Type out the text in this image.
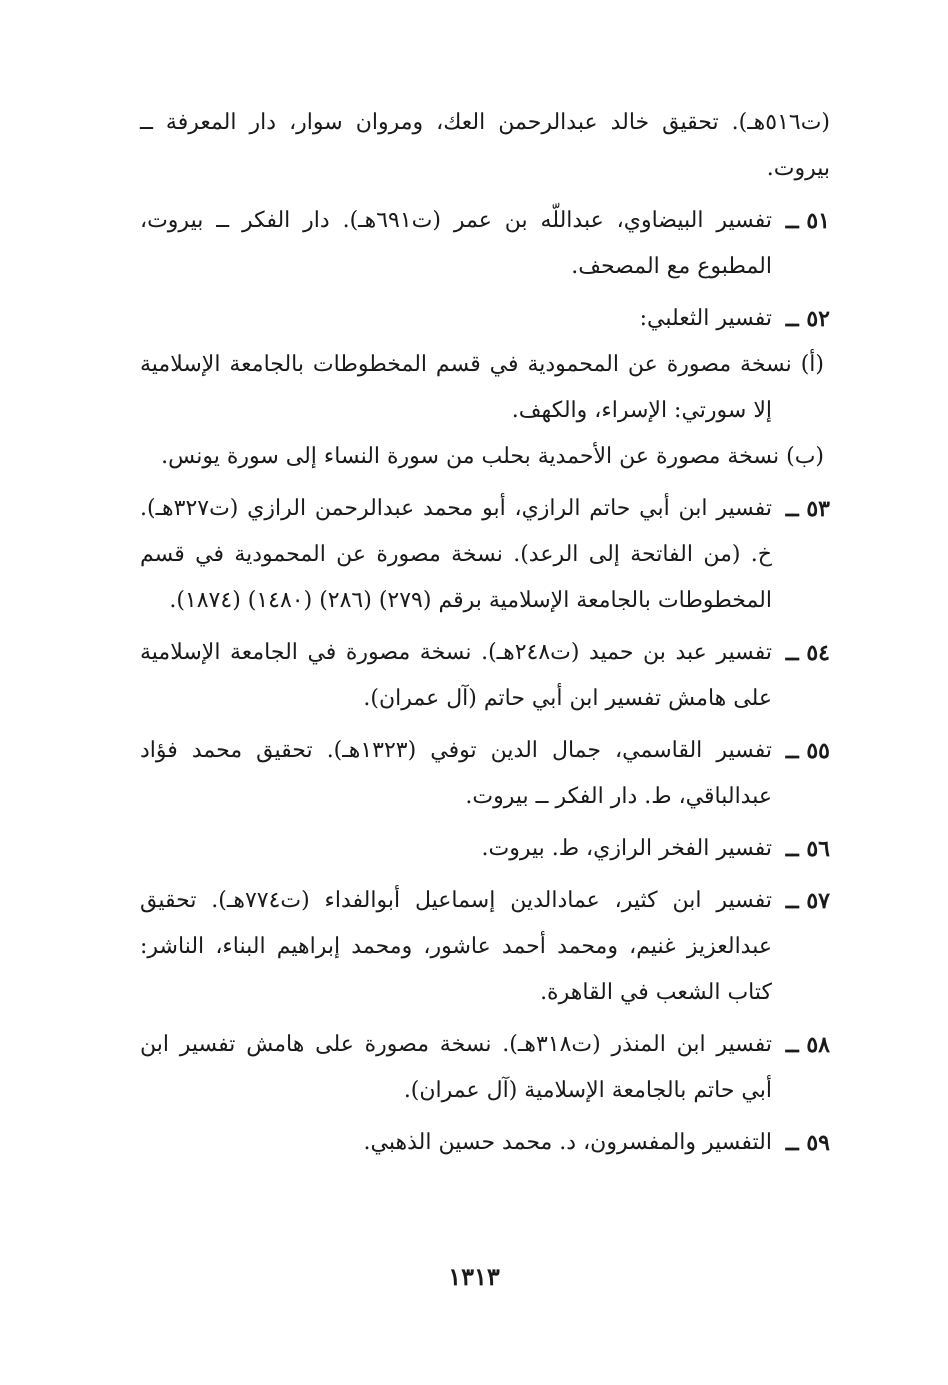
(ت٥١٦هـ). تحقيق خالد عبدالرحمن العك، ومروان سوار، دار المعرفة ــ بيروت.
٥١ ــ
تفسير البيضاوي، عبداللّه بن عمر (ت٦٩١هـ). دار الفكر ــ بيروت، المطبوع مع المصحف.
٥٢ ــ
تفسير الثعلبي:
(أ) نسخة مصورة عن المحمودية في قسم المخطوطات بالجامعة الإسلامية إلا سورتي: الإسراء، والكهف.
(ب) نسخة مصورة عن الأحمدية بحلب من سورة النساء إلى سورة يونس.
٥٣ ــ
تفسير ابن أبي حاتم الرازي، أبو محمد عبدالرحمن الرازي (ت٣٢٧هـ). خ. (من الفاتحة إلى الرعد). نسخة مصورة عن المحمودية في قسم المخطوطات بالجامعة الإسلامية برقم (٢٧٩) (٢٨٦) (١٤٨٠) (١٨٧٤).
٥٤ ــ
تفسير عبد بن حميد (ت٢٤٨هـ). نسخة مصورة في الجامعة الإسلامية على هامش تفسير ابن أبي حاتم (آل عمران).
٥٥ ــ
تفسير القاسمي، جمال الدين توفي (١٣٢٣هـ). تحقيق محمد فؤاد عبدالباقي، ط. دار الفكر ــ بيروت.
٥٦ ــ
تفسير الفخر الرازي، ط. بيروت.
٥٧ ــ
تفسير ابن كثير، عمادالدين إسماعيل أبوالفداء (ت٧٧٤هـ). تحقيق عبدالعزيز غنيم، ومحمد أحمد عاشور، ومحمد إبراهيم البناء، الناشر: كتاب الشعب في القاهرة.
٥٨ ــ
تفسير ابن المنذر (ت٣١٨هـ). نسخة مصورة على هامش تفسير ابن أبي حاتم بالجامعة الإسلامية (آل عمران).
٥٩ ــ
التفسير والمفسرون، د. محمد حسين الذهبي.
١٣١٣
